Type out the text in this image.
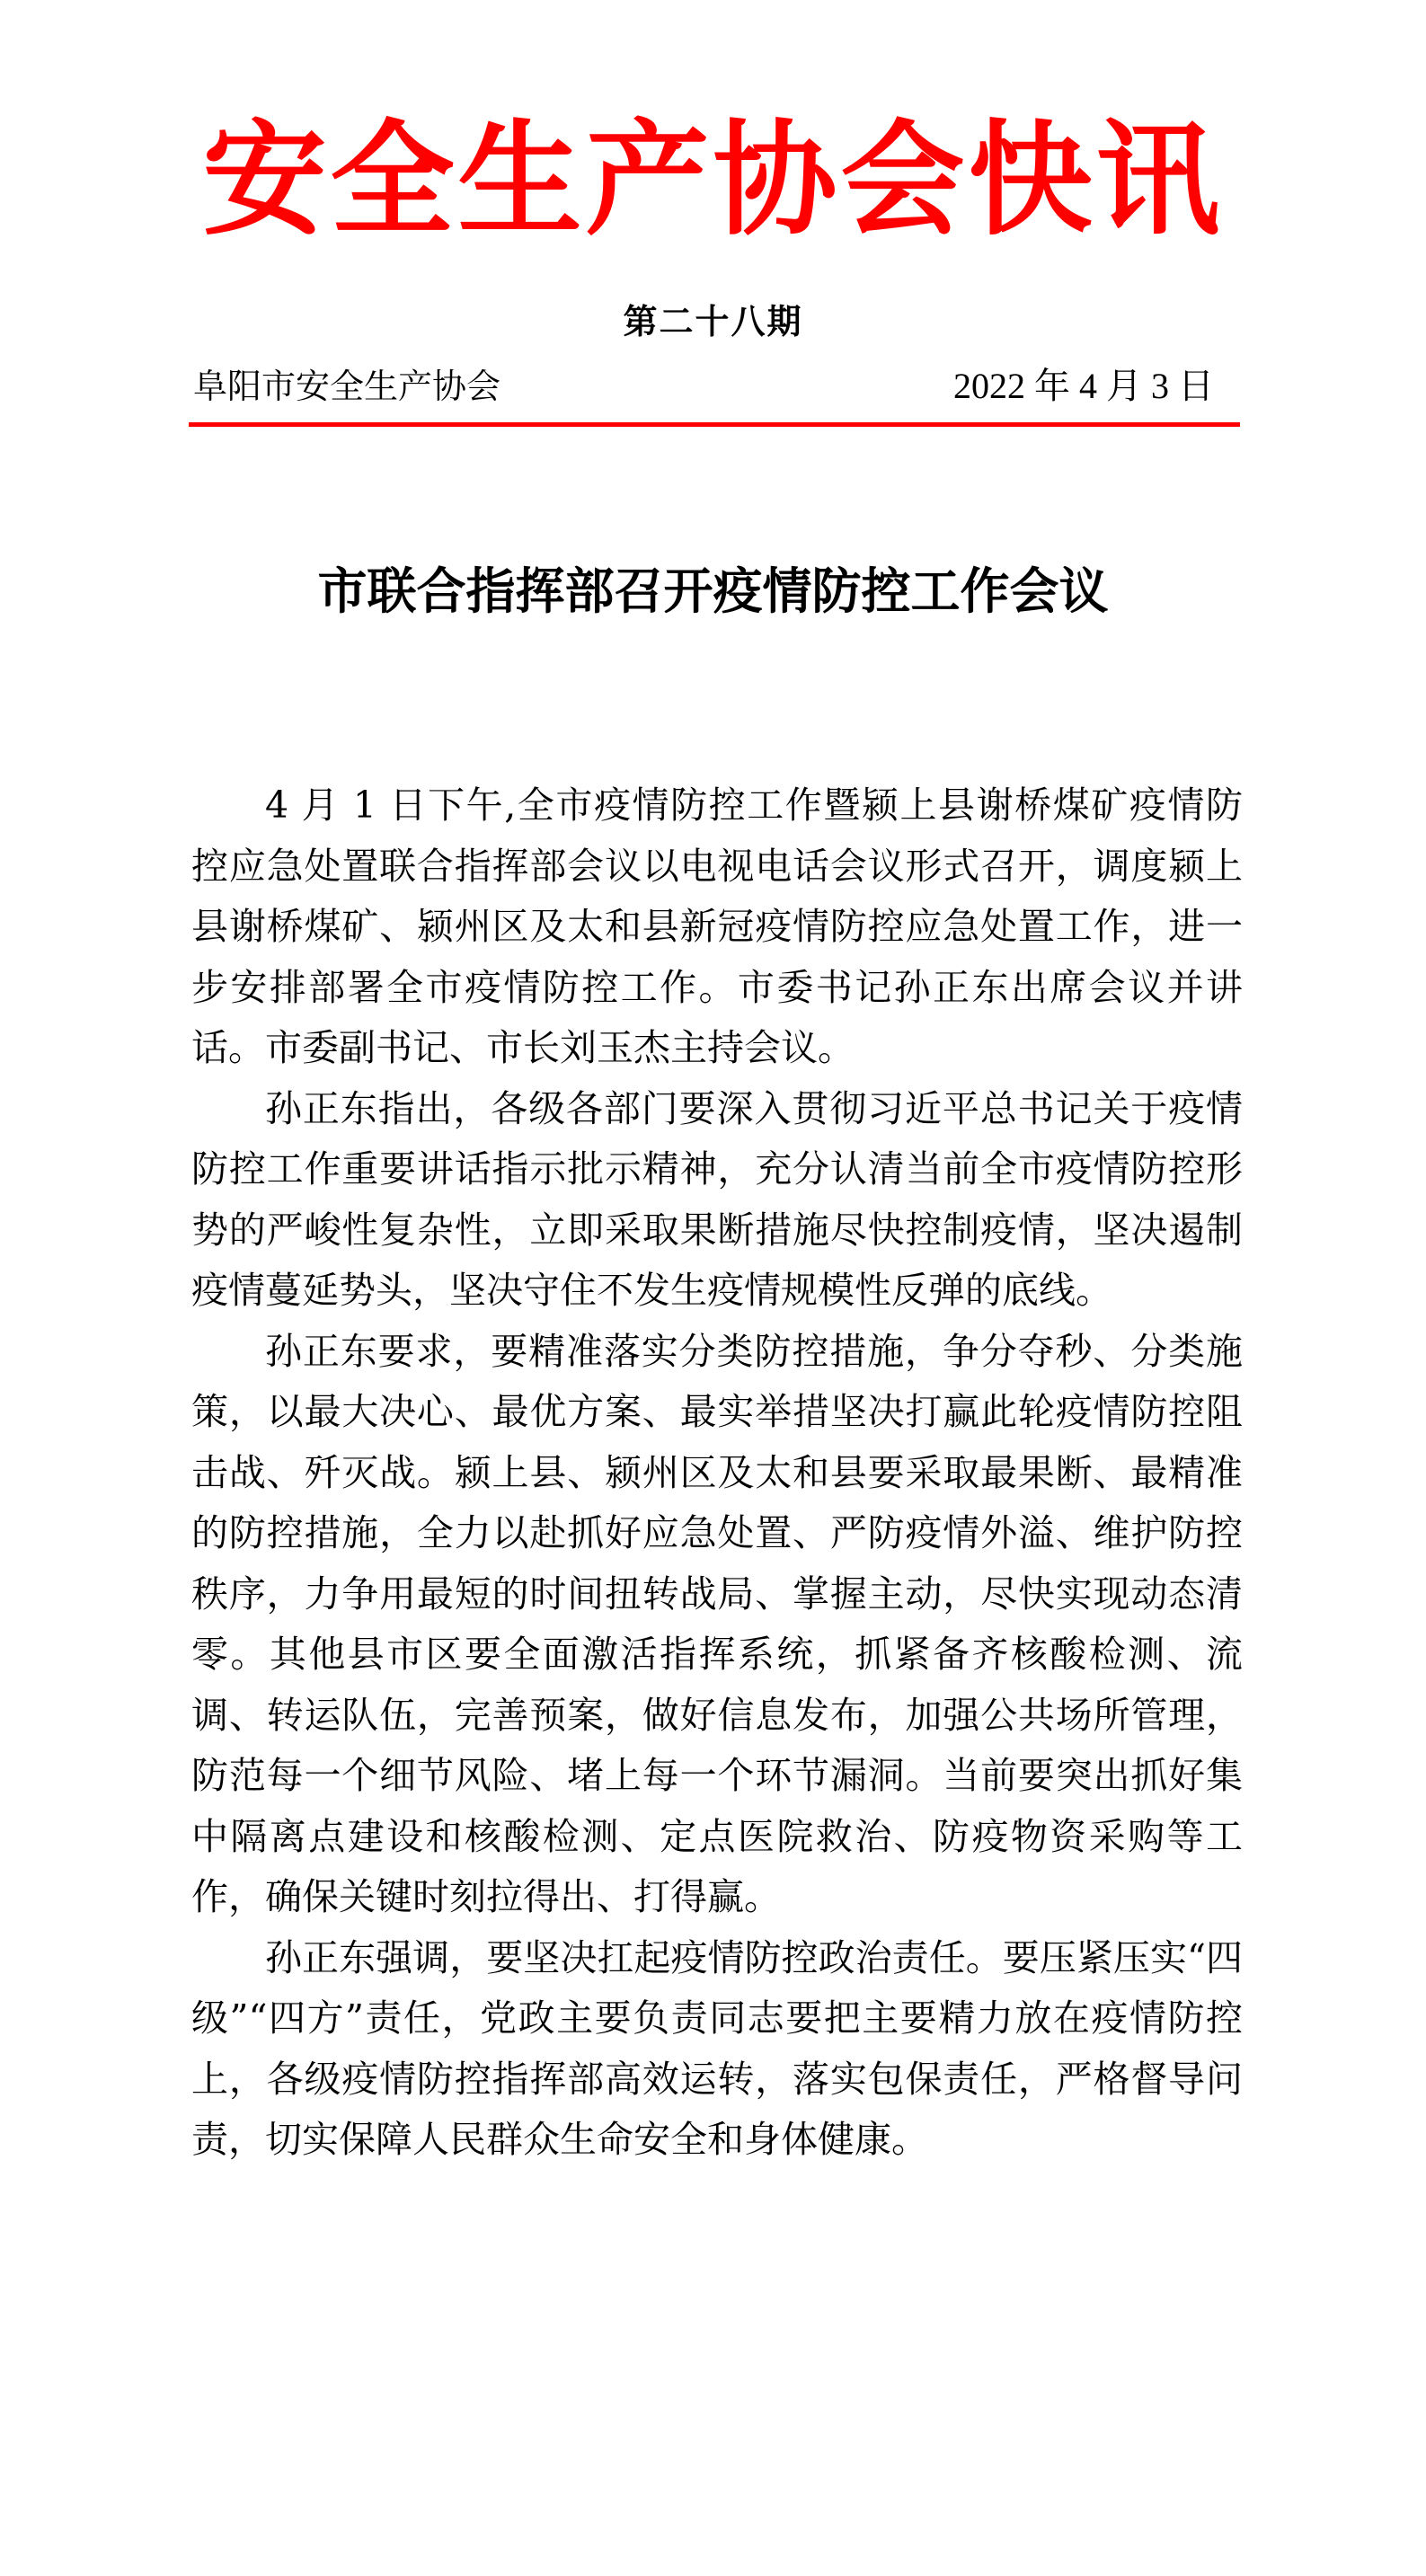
安全生产协会快讯
第二十八期
阜阳市安全生产协会	2022 年 4 月 3 日
市联合指挥部召开疫情防控工作会议

4 月 1 日下午,全市疫情防控工作暨颍上县谢桥煤矿疫情防控应急处置联合指挥部会议以电视电话会议形式召开，调度颍上县谢桥煤矿、颍州区及太和县新冠疫情防控应急处置工作，进一步安排部署全市疫情防控工作。市委书记孙正东出席会议并讲话。市委副书记、市长刘玉杰主持会议。

孙正东指出，各级各部门要深入贯彻习近平总书记关于疫情防控工作重要讲话指示批示精神，充分认清当前全市疫情防控形势的严峻性复杂性，立即采取果断措施尽快控制疫情，坚决遏制疫情蔓延势头，坚决守住不发生疫情规模性反弹的底线。

孙正东要求，要精准落实分类防控措施，争分夺秒、分类施策，以最大决心、最优方案、最实举措坚决打赢此轮疫情防控阻击战、歼灭战。颍上县、颍州区及太和县要采取最果断、最精准的防控措施，全力以赴抓好应急处置、严防疫情外溢、维护防控秩序，力争用最短的时间扭转战局、掌握主动，尽快实现动态清零。其他县市区要全面激活指挥系统，抓紧备齐核酸检测、流调、转运队伍，完善预案，做好信息发布，加强公共场所管理，防范每一个细节风险、堵上每一个环节漏洞。当前要突出抓好集中隔离点建设和核酸检测、定点医院救治、防疫物资采购等工作，确保关键时刻拉得出、打得赢。

孙正东强调，要坚决扛起疫情防控政治责任。要压紧压实“四级”“四方”责任，党政主要负责同志要把主要精力放在疫情防控上，各级疫情防控指挥部高效运转，落实包保责任，严格督导问责，切实保障人民群众生命安全和身体健康。
